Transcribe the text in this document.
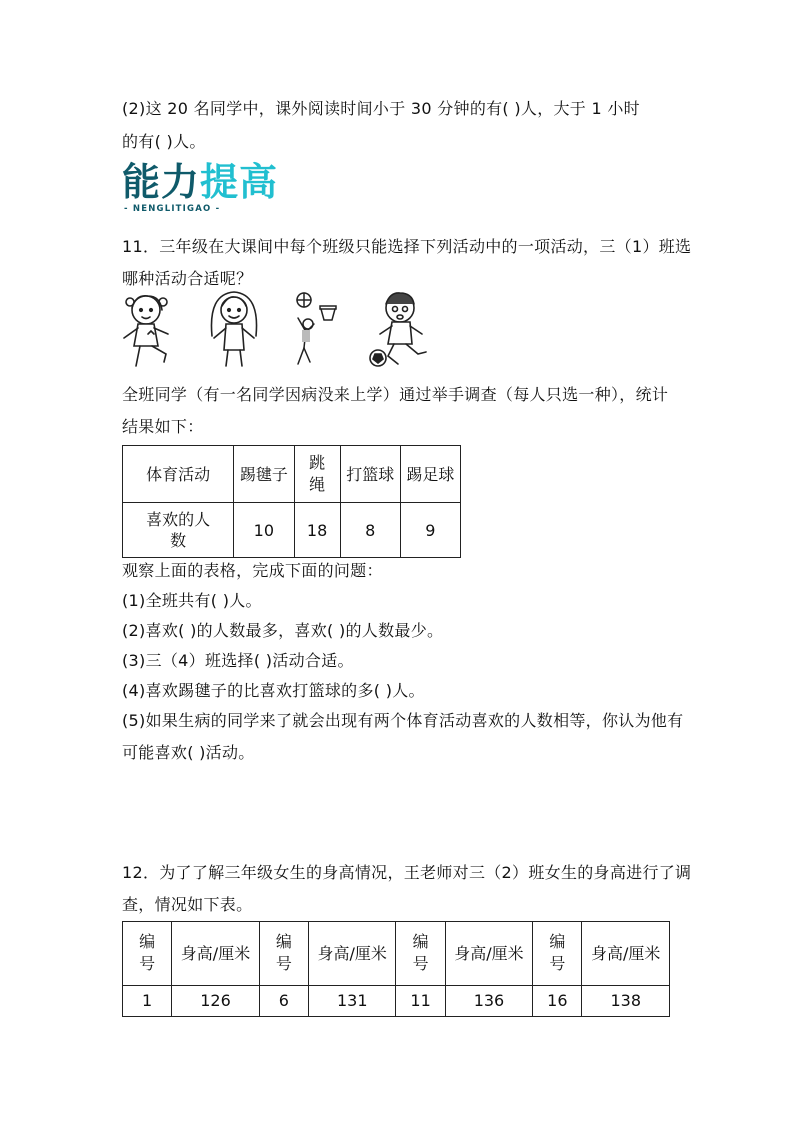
(2)这 20 名同学中，课外阅读时间小于 30 分钟的有( )人，大于 1 小时
的有( )人。
能力提高
- NENGLITIGAO -
11．三年级在大课间中每个班级只能选择下列活动中的一项活动，三（1）班选
哪种活动合适呢？
全班同学（有一名同学因病没来上学）通过举手调查（每人只选一种），统计
结果如下：
体育活动	踢毽子	跳绳	打篮球	踢足球
喜欢的人数	10	18	8	9
观察上面的表格，完成下面的问题：
(1)全班共有( )人。
(2)喜欢( )的人数最多，喜欢( )的人数最少。
(3)三（4）班选择( )活动合适。
(4)喜欢踢毽子的比喜欢打篮球的多( )人。
(5)如果生病的同学来了就会出现有两个体育活动喜欢的人数相等，你认为他有
可能喜欢( )活动。
12．为了了解三年级女生的身高情况，王老师对三（2）班女生的身高进行了调
查，情况如下表。
编号	身高/厘米	编号	身高/厘米	编号	身高/厘米	编号	身高/厘米
1	126	6	131	11	136	16	138
